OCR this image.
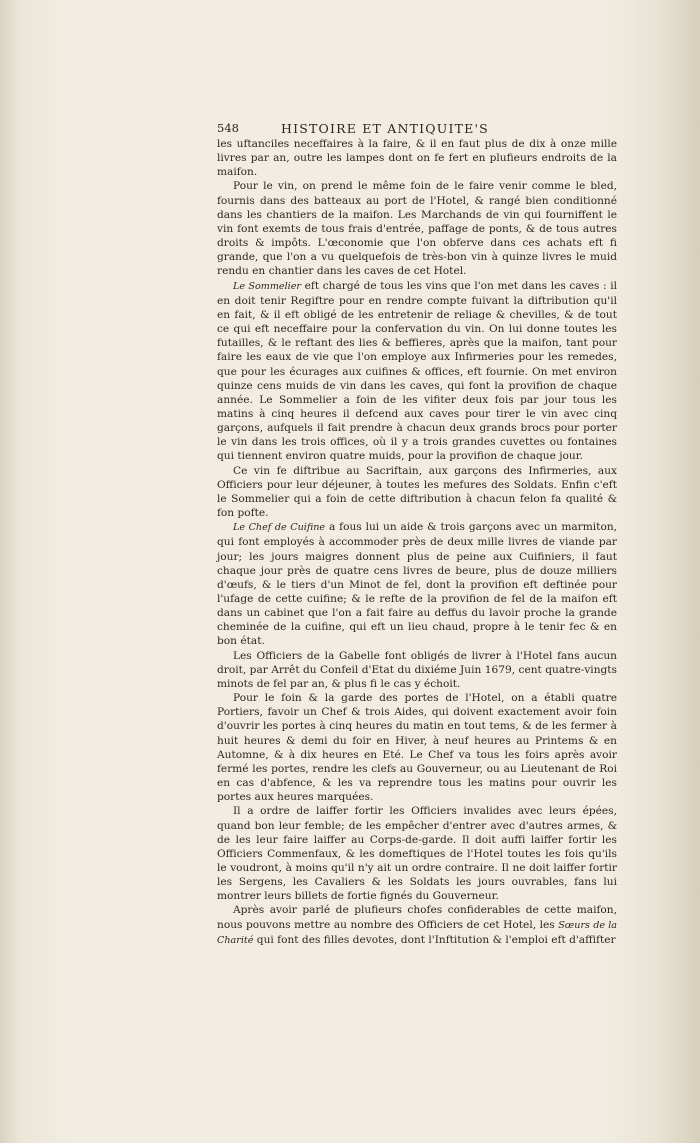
548	HISTOIRE ET ANTIQUITE'S

les uftanciles neceffaires à la faire, & il en faut plus de dix à onze mille livres par an, outre les lampes dont on fe fert en plufieurs endroits de la maifon.

Pour le vin, on prend le même foin de le faire venir comme le bled, fournis dans des batteaux au port de l'Hotel, & rangé bien conditionné dans les chantiers de la maifon. Les Marchands de vin qui fourniffent le vin font exemts de tous frais d'entrée, paffage de ponts, & de tous autres droits & impôts. L'œconomie que l'on obferve dans ces achats eft fi grande, que l'on a vu quelquefois de très-bon vin à quinze livres le muid rendu en chantier dans les caves de cet Hotel.

Le Sommelier eft chargé de tous les vins que l'on met dans les caves : il en doit tenir Regiftre pour en rendre compte fuivant la diftribution qu'il en fait, & il eft obligé de les entretenir de reliage & chevilles, & de tout ce qui eft neceffaire pour la confervation du vin. On lui donne toutes les futailles, & le reftant des lies & beffieres, après que la maifon, tant pour faire les eaux de vie que l'on employe aux Infirmeries pour les remedes, que pour les écurages aux cuifines & offices, eft fournie. On met environ quinze cens muids de vin dans les caves, qui font la provifion de chaque année. Le Sommelier a foin de les vifiter deux fois par jour tous les matins à cinq heures il defcend aux caves pour tirer le vin avec cinq garçons, aufquels il fait prendre à chacun deux grands brocs pour porter le vin dans les trois offices, où il y a trois grandes cuvettes ou fontaines qui tiennent environ quatre muids, pour la provifion de chaque jour.

Ce vin fe diftribue au Sacriftain, aux garçons des Infirmeries, aux Officiers pour leur déjeuner, à toutes les mefures des Soldats. Enfin c'eft le Sommelier qui a foin de cette diftribution à chacun felon fa qualité & fon pofte.

Le Chef de Cuifine a fous lui un aide & trois garçons avec un marmiton, qui font employés à accommoder près de deux mille livres de viande par jour; les jours maigres donnent plus de peine aux Cuifiniers, il faut chaque jour près de quatre cens livres de beure, plus de douze milliers d'œufs, & le tiers d'un Minot de fel, dont la provifion eft deftinée pour l'ufage de cette cuifine; & le refte de la provifion de fel de la maifon eft dans un cabinet que l'on a fait faire au deffus du lavoir proche la grande cheminée de la cuifine, qui eft un lieu chaud, propre à le tenir fec & en bon état.

Les Officiers de la Gabelle font obligés de livrer à l'Hotel fans aucun droit, par Arrêt du Confeil d'Etat du dixiéme Juin 1679, cent quatre-vingts minots de fel par an, & plus fi le cas y échoit.

Pour le foin & la garde des portes de l'Hotel, on a établi quatre Portiers, favoir un Chef & trois Aides, qui doivent exactement avoir foin d'ouvrir les portes à cinq heures du matin en tout tems, & de les fermer à huit heures & demi du foir en Hiver, à neuf heures au Printems & en Automne, & à dix heures en Eté. Le Chef va tous les foirs après avoir fermé les portes, rendre les clefs au Gouverneur, ou au Lieutenant de Roi en cas d'abfence, & les va reprendre tous les matins pour ouvrir les portes aux heures marquées.

Il a ordre de laiffer fortir les Officiers invalides avec leurs épées, quand bon leur femble; de les empêcher d'entrer avec d'autres armes, & de les leur faire laiffer au Corps-de-garde. Il doit auffi laiffer fortir les Officiers Commenfaux, & les domeftiques de l'Hotel toutes les fois qu'ils le voudront, à moins qu'il n'y ait un ordre contraire. Il ne doit laiffer fortir les Sergens, les Cavaliers & les Soldats les jours ouvrables, fans lui montrer leurs billets de fortie fignés du Gouverneur.

Après avoir parlé de plufieurs chofes confiderables de cette maifon, nous pouvons mettre au nombre des Officiers de cet Hotel, les Sœurs de la Charité qui font des filles devotes, dont l'Inftitution & l'emploi eft d'affifter
